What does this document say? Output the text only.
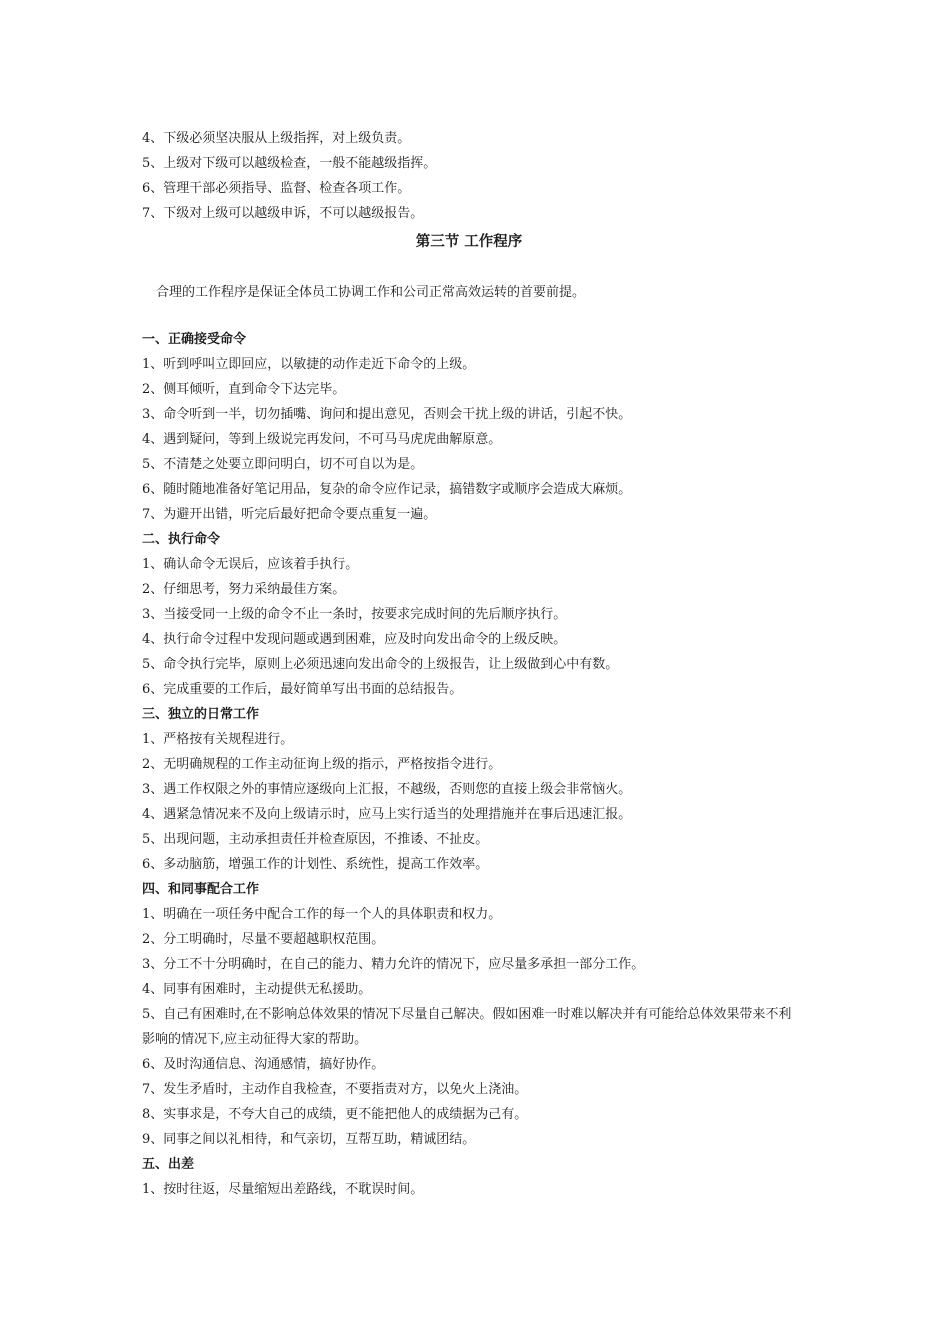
4、下级必须坚决服从上级指挥，对上级负责。
5、上级对下级可以越级检查，一般不能越级指挥。
6、管理干部必须指导、监督、检查各项工作。
7、下级对上级可以越级申诉，不可以越级报告。
第三节 工作程序
合理的工作程序是保证全体员工协调工作和公司正常高效运转的首要前提。
一、正确接受命令
1、听到呼叫立即回应，以敏捷的动作走近下命令的上级。
2、侧耳倾听，直到命令下达完毕。
3、命令听到一半，切勿插嘴、询问和提出意见，否则会干扰上级的讲话，引起不快。
4、遇到疑问，等到上级说完再发问，不可马马虎虎曲解原意。
5、不清楚之处要立即问明白，切不可自以为是。
6、随时随地准备好笔记用品，复杂的命令应作记录，搞错数字或顺序会造成大麻烦。
7、为避开出错，听完后最好把命令要点重复一遍。
二、执行命令
1、确认命令无误后，应该着手执行。
2、仔细思考，努力采纳最佳方案。
3、当接受同一上级的命令不止一条时，按要求完成时间的先后顺序执行。
4、执行命令过程中发现问题或遇到困难，应及时向发出命令的上级反映。
5、命令执行完毕，原则上必须迅速向发出命令的上级报告，让上级做到心中有数。
6、完成重要的工作后，最好简单写出书面的总结报告。
三、独立的日常工作
1、严格按有关规程进行。
2、无明确规程的工作主动征询上级的指示，严格按指令进行。
3、遇工作权限之外的事情应逐级向上汇报，不越级，否则您的直接上级会非常恼火。
4、遇紧急情况来不及向上级请示时，应马上实行适当的处理措施并在事后迅速汇报。
5、出现问题，主动承担责任并检查原因，不推诿、不扯皮。
6、多动脑筋，增强工作的计划性、系统性，提高工作效率。
四、和同事配合工作
1、明确在一项任务中配合工作的每一个人的具体职责和权力。
2、分工明确时，尽量不要超越职权范围。
3、分工不十分明确时，在自己的能力、精力允许的情况下，应尽量多承担一部分工作。
4、同事有困难时，主动提供无私援助。
5、自己有困难时,在不影响总体效果的情况下尽量自己解决。假如困难一时难以解决并有可能给总体效果带来不利影响的情况下,应主动征得大家的帮助。
6、及时沟通信息、沟通感情，搞好协作。
7、发生矛盾时，主动作自我检查，不要指责对方，以免火上浇油。
8、实事求是，不夸大自己的成绩，更不能把他人的成绩据为己有。
9、同事之间以礼相待，和气亲切，互帮互助，精诚团结。
五、出差
1、按时往返，尽量缩短出差路线，不耽误时间。
